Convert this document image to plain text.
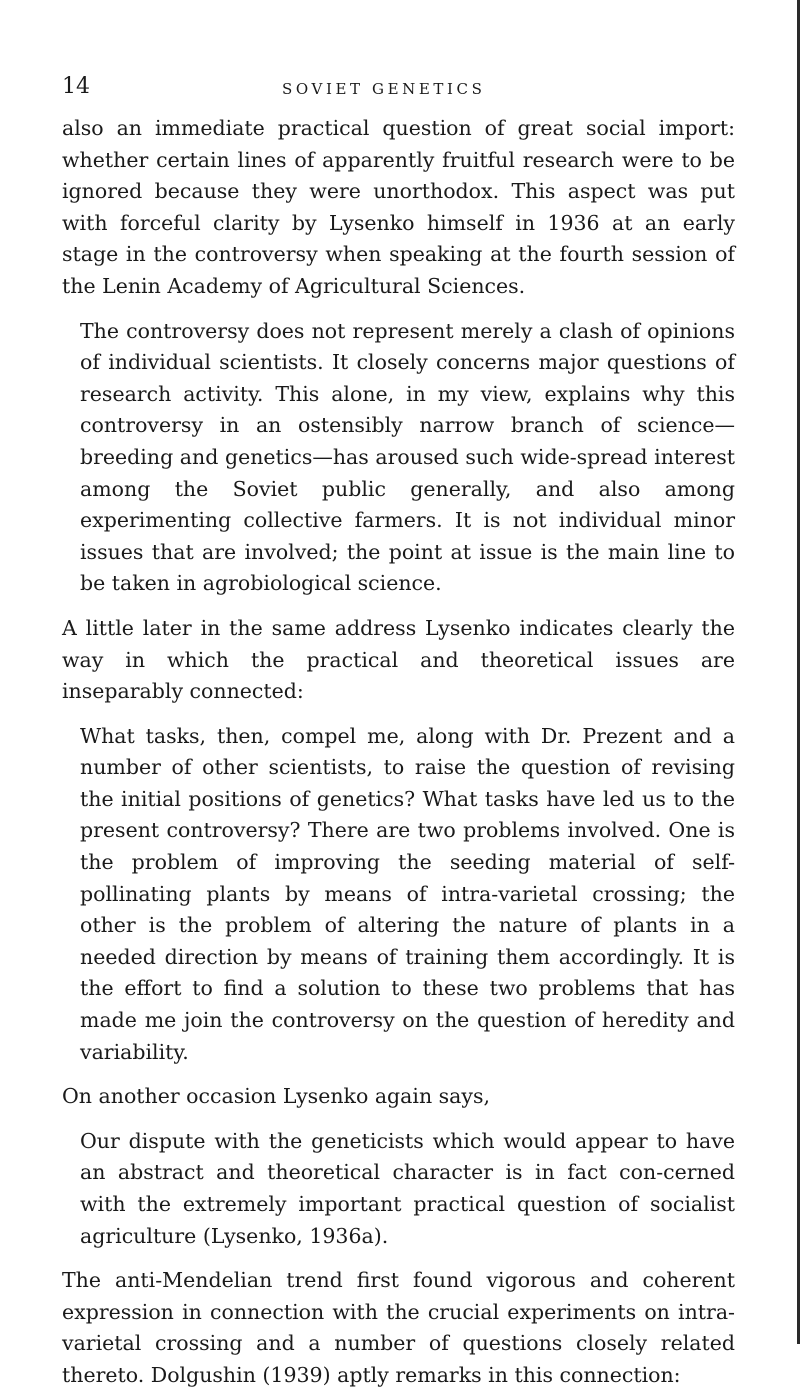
14	SOVIET GENETICS

also an immediate practical question of great social import: whether certain lines of apparently fruitful research were to be ignored because they were unorthodox. This aspect was put with forceful clarity by Lysenko himself in 1936 at an early stage in the controversy when speaking at the fourth session of the Lenin Academy of Agricultural Sciences.

The controversy does not represent merely a clash of opinions of individual scientists. It closely concerns major questions of research activity. This alone, in my view, explains why this controversy in an ostensibly narrow branch of science—breeding and genetics—has aroused such wide-spread interest among the Soviet public generally, and also among experimenting collective farmers. It is not individual minor issues that are involved; the point at issue is the main line to be taken in agrobiological science.

A little later in the same address Lysenko indicates clearly the way in which the practical and theoretical issues are inseparably connected:

What tasks, then, compel me, along with Dr. Prezent and a number of other scientists, to raise the question of revising the initial positions of genetics? What tasks have led us to the present controversy? There are two problems involved. One is the problem of improving the seeding material of self-pollinating plants by means of intra-varietal crossing; the other is the problem of altering the nature of plants in a needed direction by means of training them accordingly. It is the effort to find a solution to these two problems that has made me join the controversy on the question of heredity and variability.

On another occasion Lysenko again says,

Our dispute with the geneticists which would appear to have an abstract and theoretical character is in fact con-cerned with the extremely important practical question of socialist agriculture (Lysenko, 1936a).

The anti-Mendelian trend first found vigorous and coherent expression in connection with the crucial experiments on intra-varietal crossing and a number of questions closely related thereto. Dolgushin (1939) aptly remarks in this connection:
